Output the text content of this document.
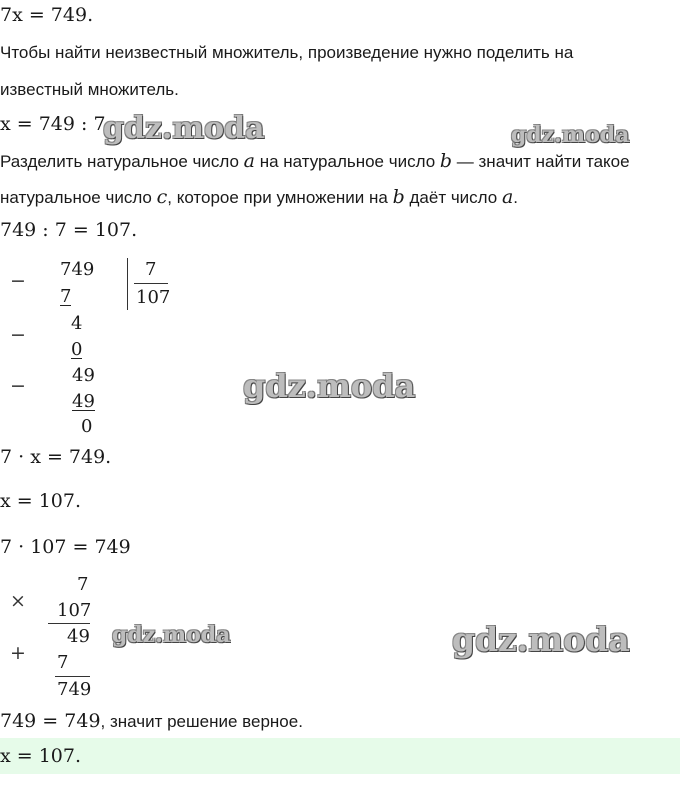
7x = 749.
Чтобы найти неизвестный множитель, произведение нужно поделить на
известный множитель.
x = 749 : 7
Разделить натуральное число a на натуральное число b — значит найти такое
натуральное число c, которое при умножении на b даёт число a.
749 : 7 = 107.
−
749	7
107
7
−
4
0
−	49
49
0
7 · x = 749.
x = 107.
7 · 107 = 749
7
× 107
49
+ 7
749
749 = 749, значит решение верное.
x = 107.
gdz.moda	gdz.moda
gdz.moda
gdz.moda	gdz.moda
